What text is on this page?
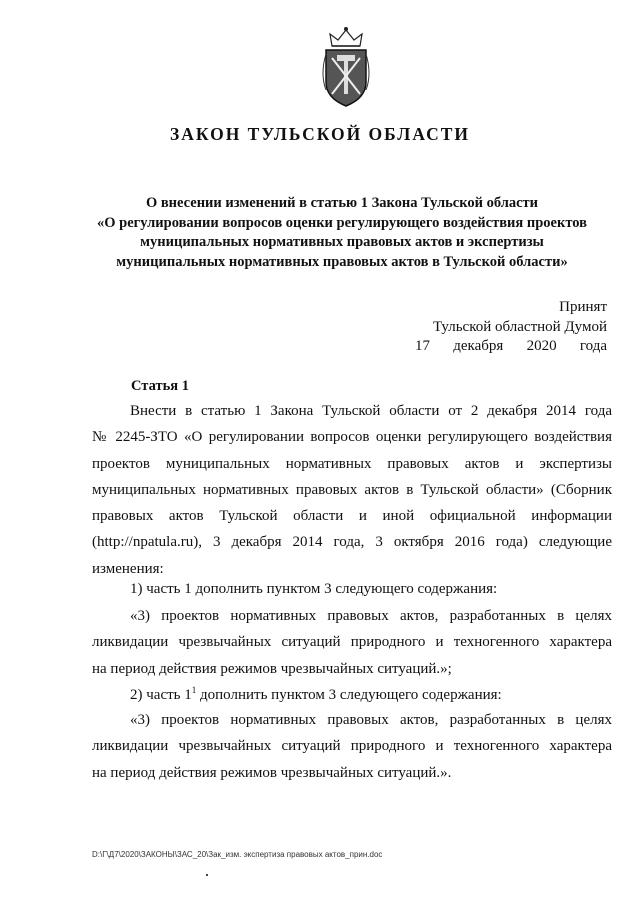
ЗАКОН ТУЛЬСКОЙ ОБЛАСТИ
О внесении изменений в статью 1 Закона Тульской области
«О регулировании вопросов оценки регулирующего воздействия проектов
муниципальных нормативных правовых актов и экспертизы
муниципальных нормативных правовых актов в Тульской области»
Принят
Тульской областной Думой
17 декабря 2020 года
Статья 1
Внести в статью 1 Закона Тульской области от 2 декабря 2014 года
№ 2245-ЗТО «О регулировании вопросов оценки регулирующего воздействия
проектов муниципальных нормативных правовых актов и экспертизы
муниципальных нормативных правовых актов в Тульской области» (Сборник
правовых актов Тульской области и иной официальной информации
(http://npatula.ru), 3 декабря 2014 года, 3 октября 2016 года) следующие
изменения:
1) часть 1 дополнить пунктом 3 следующего содержания:
«3) проектов нормативных правовых актов, разработанных в целях
ликвидации чрезвычайных ситуаций природного и техногенного характера
на период действия режимов чрезвычайных ситуаций.»;
2) часть $1^1$ дополнить пунктом 3 следующего содержания:
«3) проектов нормативных правовых актов, разработанных в целях
ликвидации чрезвычайных ситуаций природного и техногенного характера
на период действия режимов чрезвычайных ситуаций.».
D:\Г\Д7\2020\ЗАКОНЫ\ЗАС_20\Зак_изм. экспертиза правовых актов_прин.doc
